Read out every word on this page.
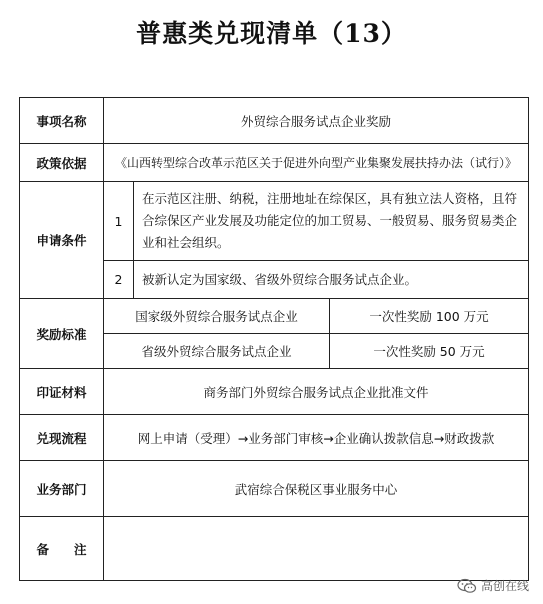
普惠类兑现清单（13）
事项名称	外贸综合服务试点企业奖励		
政策依据	《山西转型综合改革示范区关于促进外向型产业集聚发展扶持办法（试行）》		
申请条件	1	在示范区注册、纳税，注册地址在综保区，具有独立法人资格，且符合综保区产业发展及功能定位的加工贸易、一般贸易、服务贸易类企业和社会组织。	
	2	被新认定为国家级、省级外贸综合服务试点企业。	
奖励标准	国家级外贸综合服务试点企业		一次性奖励 100 万元
	省级外贸综合服务试点企业		一次性奖励 50 万元
印证材料	商务部门外贸综合服务试点企业批准文件		
兑现流程	网上申请（受理）→业务部门审核→企业确认拨款信息→财政拨款		
业务部门	武宿综合保税区事业服务中心		
备　　注			
高创在线
